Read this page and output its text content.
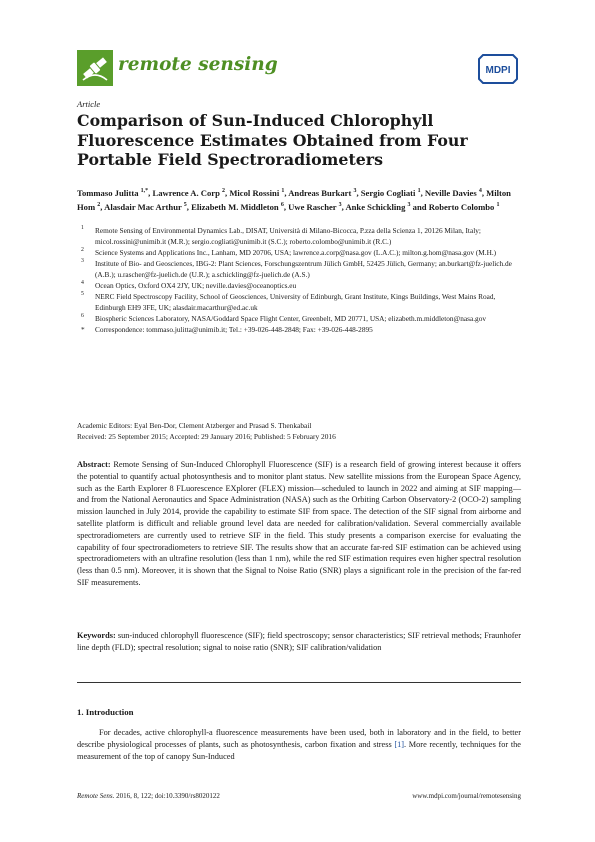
remote sensing	MDPI
Article
Comparison of Sun-Induced Chlorophyll Fluorescence Estimates Obtained from Four Portable Field Spectroradiometers

Tommaso Julitta $^{1,*}$, Lawrence A. Corp $^2$, Micol Rossini $^1$, Andreas Burkart $^3$, Sergio Cogliati $^1$, Neville Davies $^4$, Milton Hom $^2$, Alasdair Mac Arthur $^5$, Elizabeth M. Middleton $^6$, Uwe Rascher $^3$, Anke Schickling $^3$ and Roberto Colombo $^1$

1 Remote Sensing of Environmental Dynamics Lab., DISAT, Università di Milano-Bicocca, P.zza della Scienza 1, 20126 Milan, Italy; micol.rossini@unimib.it (M.R.); sergio.cogliati@unimib.it (S.C.); roberto.colombo@unimib.it (R.C.)
2 Science Systems and Applications Inc., Lanham, MD 20706, USA; lawrence.a.corp@nasa.gov (L.A.C.); milton.g.hom@nasa.gov (M.H.)
3 Institute of Bio- and Geosciences, IBG-2: Plant Sciences, Forschungszentrum Jülich GmbH, 52425 Jülich, Germany; an.burkart@fz-juelich.de (A.B.); u.rascher@fz-juelich.de (U.R.); a.schickling@fz-juelich.de (A.S.)
4 Ocean Optics, Oxford OX4 2JY, UK; neville.davies@oceanoptics.eu
5 NERC Field Spectroscopy Facility, School of Geosciences, University of Edinburgh, Grant Institute, Kings Buildings, West Mains Road, Edinburgh EH9 3FE, UK; alasdair.macarthur@ed.ac.uk
6 Biospheric Sciences Laboratory, NASA/Goddard Space Flight Center, Greenbelt, MD 20771, USA; elizabeth.m.middleton@nasa.gov
* Correspondence: tommaso.julitta@unimib.it; Tel.: +39-026-448-2848; Fax: +39-026-448-2895
Academic Editors: Eyal Ben-Dor, Clement Atzberger and Prasad S. Thenkabail
Received: 25 September 2015; Accepted: 29 January 2016; Published: 5 February 2016

Abstract: Remote Sensing of Sun-Induced Chlorophyll Fluorescence (SIF) is a research field of growing interest because it offers the potential to quantify actual photosynthesis and to monitor plant status. New satellite missions from the European Space Agency, such as the Earth Explorer 8 FLuorescence EXplorer (FLEX) mission—scheduled to launch in 2022 and aiming at SIF mapping—and from the National Aeronautics and Space Administration (NASA) such as the Orbiting Carbon Observatory-2 (OCO-2) sampling mission launched in July 2014, provide the capability to estimate SIF from space. The detection of the SIF signal from airborne and satellite platform is difficult and reliable ground level data are needed for calibration/validation. Several commercially available spectroradiometers are currently used to retrieve SIF in the field. This study presents a comparison exercise for evaluating the capability of four spectroradiometers to retrieve SIF. The results show that an accurate far-red SIF estimation can be achieved using spectroradiometers with an ultrafine resolution (less than 1 nm), while the red SIF estimation requires even higher spectral resolution (less than 0.5 nm). Moreover, it is shown that the Signal to Noise Ratio (SNR) plays a significant role in the precision of the far-red SIF measurements.

Keywords: sun-induced chlorophyll fluorescence (SIF); field spectroscopy; sensor characteristics; SIF retrieval methods; Fraunhofer line depth (FLD); spectral resolution; signal to noise ratio (SNR); SIF calibration/validation

1. Introduction

For decades, active chlorophyll-a fluorescence measurements have been used, both in laboratory and in the field, to better describe physiological processes of plants, such as photosynthesis, carbon fixation and stress [1]. More recently, techniques for the measurement of the top of canopy Sun-Induced

Remote Sens. 2016, 8, 122; doi:10.3390/rs8020122	www.mdpi.com/journal/remotesensing
